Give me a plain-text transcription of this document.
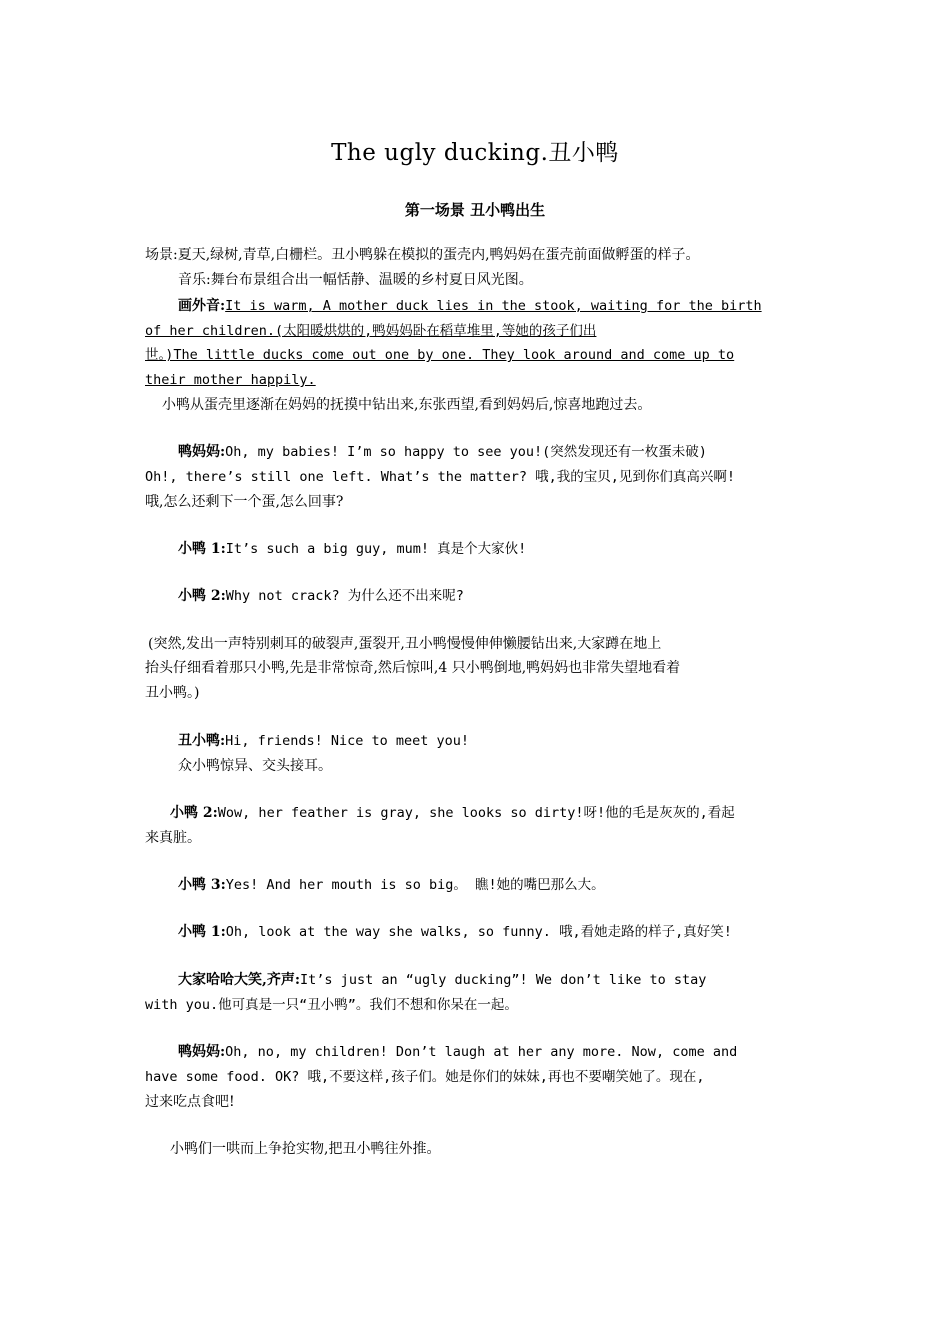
The ugly ducking.丑小鸭
第一场景 丑小鸭出生
场景:夏天,绿树,青草,白栅栏。丑小鸭躲在模拟的蛋壳内,鸭妈妈在蛋壳前面做孵蛋的样子。
音乐:舞台布景组合出一幅恬静、温暖的乡村夏日风光图。
画外音:It is warm, A mother duck lies in the stook, waiting for the birth
of her children.(太阳暖烘烘的,鸭妈妈卧在稻草堆里,等她的孩子们出
世。)The little ducks come out one by one. They look around and come up to
their mother happily.
小鸭从蛋壳里逐渐在妈妈的抚摸中钻出来,东张西望,看到妈妈后,惊喜地跑过去。
鸭妈妈:Oh, my babies! I’m so happy to see you!(突然发现还有一枚蛋未破)
Oh!, there’s still one left. What’s the matter? 哦,我的宝贝,见到你们真高兴啊!
哦,怎么还剩下一个蛋,怎么回事?
小鸭 1:It’s such a big guy, mum! 真是个大家伙!
小鸭 2:Why not crack? 为什么还不出来呢?
(突然,发出一声特别刺耳的破裂声,蛋裂开,丑小鸭慢慢伸伸懒腰钻出来,大家蹲在地上
抬头仔细看着那只小鸭,先是非常惊奇,然后惊叫,4 只小鸭倒地,鸭妈妈也非常失望地看着
丑小鸭。)
丑小鸭:Hi, friends! Nice to meet you!
众小鸭惊异、交头接耳。
小鸭 2:Wow, her feather is gray, she looks so dirty!呀!他的毛是灰灰的,看起
来真脏。
小鸭 3:Yes! And her mouth is so big。 瞧!她的嘴巴那么大。
小鸭 1:Oh, look at the way she walks, so funny. 哦,看她走路的样子,真好笑!
大家哈哈大笑,齐声:It’s just an “ugly ducking”! We don’t like to stay
with you.他可真是一只“丑小鸭”。我们不想和你呆在一起。
鸭妈妈:Oh, no, my children! Don’t laugh at her any more. Now, come and
have some food. OK? 哦,不要这样,孩子们。她是你们的妹妹,再也不要嘲笑她了。现在,
过来吃点食吧!
小鸭们一哄而上争抢实物,把丑小鸭往外推。
